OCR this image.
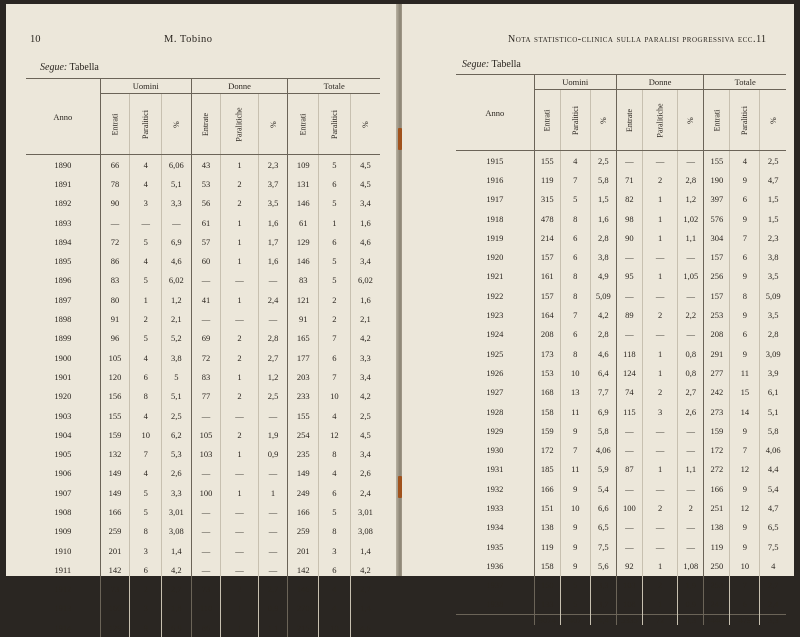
10	M. Tobino
Segue: Tabella
Anno	Uomini			Donne			Totale		
	Entrati	Paralitici	%	Entrate	Paralitiche	%	Entrati	Paralitici	%
1890	66	4	6,06	43	1	2,3	109	5	4,5
1891	78	4	5,1	53	2	3,7	131	6	4,5
1892	90	3	3,3	56	2	3,5	146	5	3,4
1893	—	—	—	61	1	1,6	61	1	1,6
1894	72	5	6,9	57	1	1,7	129	6	4,6
1895	86	4	4,6	60	1	1,6	146	5	3,4
1896	83	5	6,02	—	—	—	83	5	6,02
1897	80	1	1,2	41	1	2,4	121	2	1,6
1898	91	2	2,1	—	—	—	91	2	2,1
1899	96	5	5,2	69	2	2,8	165	7	4,2
1900	105	4	3,8	72	2	2,7	177	6	3,3
1901	120	6	5	83	1	1,2	203	7	3,4
1920	156	8	5,1	77	2	2,5	233	10	4,2
1903	155	4	2,5	—	—	—	155	4	2,5
1904	159	10	6,2	105	2	1,9	254	12	4,5
1905	132	7	5,3	103	1	0,9	235	8	3,4
1906	149	4	2,6	—	—	—	149	4	2,6
1907	149	5	3,3	100	1	1	249	6	2,4
1908	166	5	3,01	—	—	—	166	5	3,01
1909	259	8	3,08	—	—	—	259	8	3,08
1910	201	3	1,4	—	—	—	201	3	1,4
1911	142	6	4,2	—	—	—	142	6	4,2
1912	73	2	2,7	73	2	2,7	146	4	2,7
1913	160	3	1,8	110	1	0,9	270	4	1,4
1914	129	9	6,9	86	1	1,1	215	10	4,6
Nota statistico-clinica sulla paralisi progressiva ecc. 11
Segue: Tabella
Anno	Uomini			Donne			Totale		
	Entrati	Paralitici	%	Entrate	Paralitiche	%	Entrati	Paralitici	%
1915	155	4	2,5	—	—	—	155	4	2,5
1916	119	7	5,8	71	2	2,8	190	9	4,7
1917	315	5	1,5	82	1	1,2	397	6	1,5
1918	478	8	1,6	98	1	1,02	576	9	1,5
1919	214	6	2,8	90	1	1,1	304	7	2,3
1920	157	6	3,8	—	—	—	157	6	3,8
1921	161	8	4,9	95	1	1,05	256	9	3,5
1922	157	8	5,09	—	—	—	157	8	5,09
1923	164	7	4,2	89	2	2,2	253	9	3,5
1924	208	6	2,8	—	—	—	208	6	2,8
1925	173	8	4,6	118	1	0,8	291	9	3,09
1926	153	10	6,4	124	1	0,8	277	11	3,9
1927	168	13	7,7	74	2	2,7	242	15	6,1
1928	158	11	6,9	115	3	2,6	273	14	5,1
1929	159	9	5,8	—	—	—	159	9	5,8
1930	172	7	4,06	—	—	—	172	7	4,06
1931	185	11	5,9	87	1	1,1	272	12	4,4
1932	166	9	5,4	—	—	—	166	9	5,4
1933	151	10	6,6	100	2	2	251	12	4,7
1934	138	9	6,5	—	—	—	138	9	6,5
1935	119	9	7,5	—	—	—	119	9	7,5
1936	158	9	5,6	92	1	1,08	250	10	4
1937	150	5	3,3	103	2	1,9	253	7	2,7
1938	133	5	3,7	108	1	0,9	241	6	2,4
	9074	407	4,4	5335	72	1,3	14409	479	3,3
